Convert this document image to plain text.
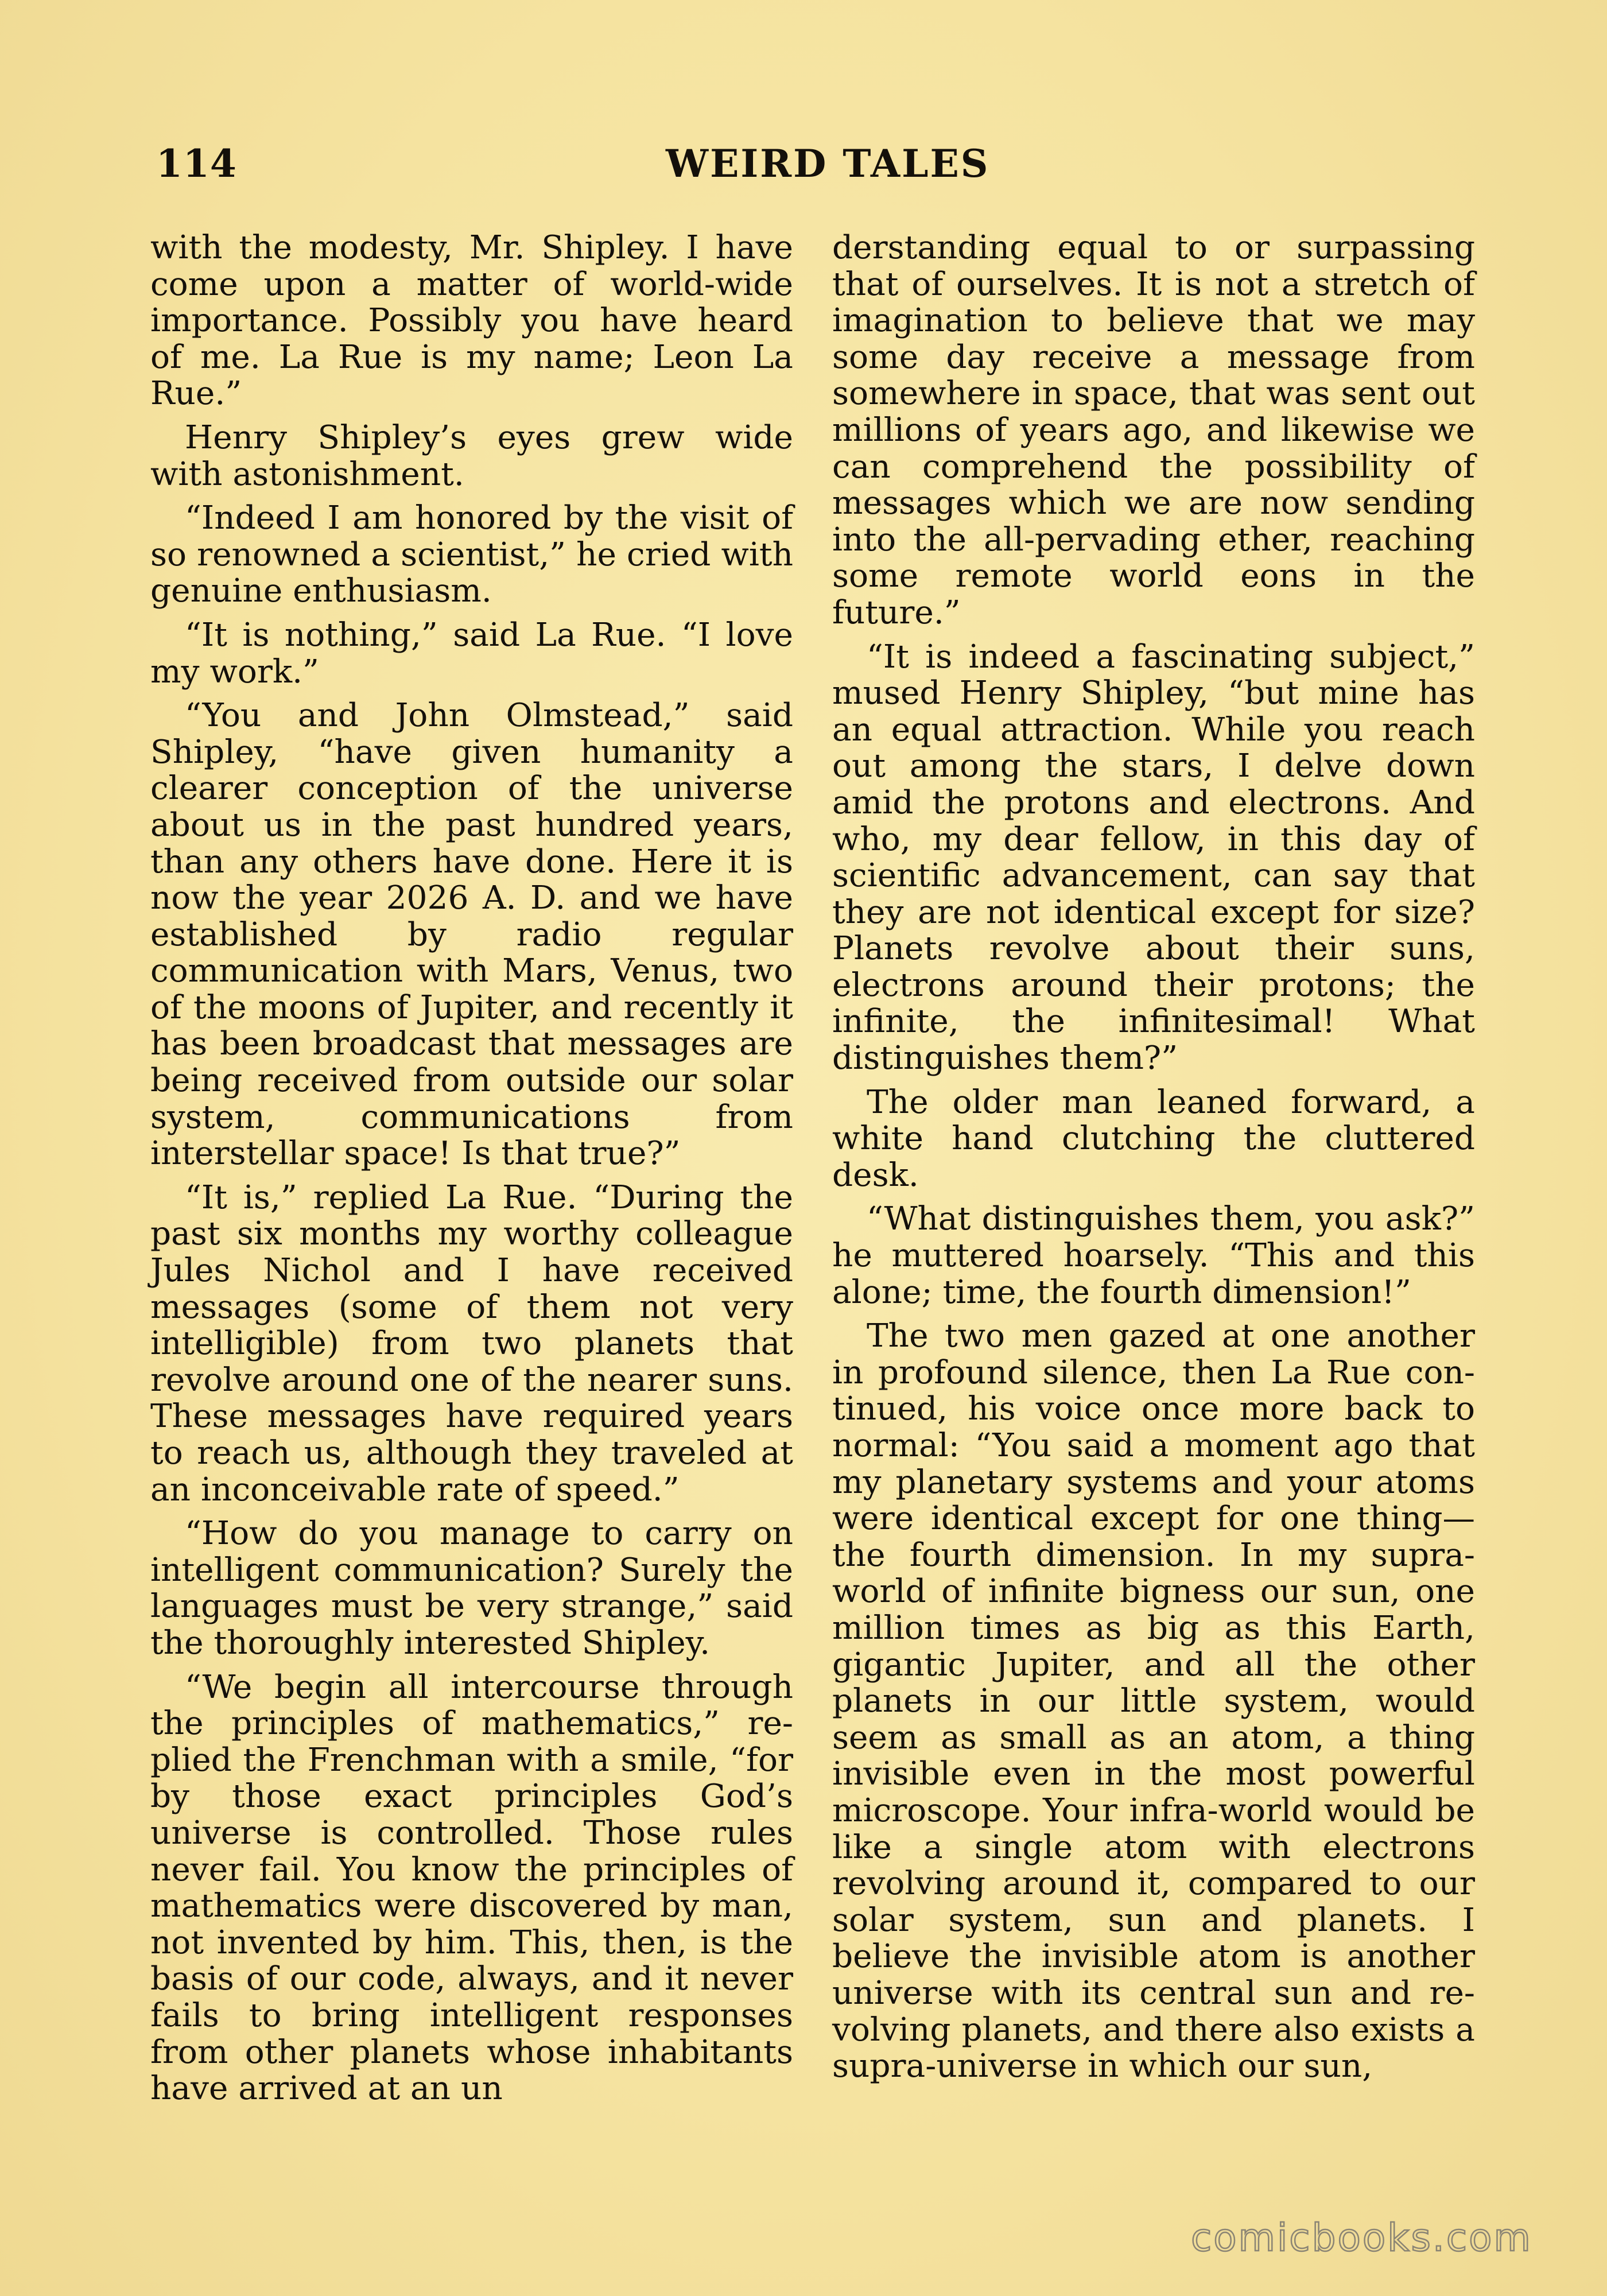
114	WEIRD TALES

with the modesty, Mr. Shipley. I have come upon a matter of world-wide importance. Possibly you have heard of me. La Rue is my name; Leon La Rue.”

Henry Shipley’s eyes grew wide with astonishment.

“Indeed I am honored by the visit of so renowned a scientist,” he cried with genuine enthusiasm.

“It is nothing,” said La Rue. “I love my work.”

“You and John Olmstead,” said Shipley, “have given humanity a clearer conception of the universe about us in the past hundred years, than any others have done. Here it is now the year 2026 A. D. and we have established by radio regular communication with Mars, Venus, two of the moons of Jupiter, and recently it has been broadcast that messages are being received from outside our solar system, communications from interstellar space! Is that true?”

“It is,” replied La Rue. “During the past six months my worthy colleague Jules Nichol and I have received messages (some of them not very intelligible) from two planets that revolve around one of the nearer suns. These messages have required years to reach us, although they traveled at an inconceivable rate of speed.”

“How do you manage to carry on intelligent communication? Surely the languages must be very strange,” said the thoroughly interested Shipley.

“We begin all intercourse through the principles of mathematics,” replied the Frenchman with a smile, “for by those exact principles God’s universe is controlled. Those rules never fail. You know the principles of mathematics were discovered by man, not invented by him. This, then, is the basis of our code, always, and it never fails to bring intelligent responses from other planets whose inhabitants have arrived at an un

derstanding equal to or surpassing that of ourselves. It is not a stretch of imagination to believe that we may some day receive a message from somewhere in space, that was sent out millions of years ago, and likewise we can comprehend the possibility of messages which we are now sending into the all-pervading ether, reaching some remote world eons in the future.”

“It is indeed a fascinating subject,” mused Henry Shipley, “but mine has an equal attraction. While you reach out among the stars, I delve down amid the protons and electrons. And who, my dear fellow, in this day of scientific advancement, can say that they are not identical except for size? Planets revolve about their suns, electrons around their protons; the infinite, the infinitesimal! What distinguishes them?”

The older man leaned forward, a white hand clutching the cluttered desk.

“What distinguishes them, you ask?” he muttered hoarsely. “This and this alone; time, the fourth dimension!”

The two men gazed at one another in profound silence, then La Rue continued, his voice once more back to normal: “You said a moment ago that my planetary systems and your atoms were identical except for one thing—the fourth dimension. In my supra-world of infinite bigness our sun, one million times as big as this Earth, gigantic Jupiter, and all the other planets in our little system, would seem as small as an atom, a thing invisible even in the most powerful microscope. Your infra-world would be like a single atom with electrons revolving around it, compared to our solar system, sun and planets. I believe the invisible atom is another universe with its central sun and revolving planets, and there also exists a supra-universe in which our sun,

comicbooks.com
